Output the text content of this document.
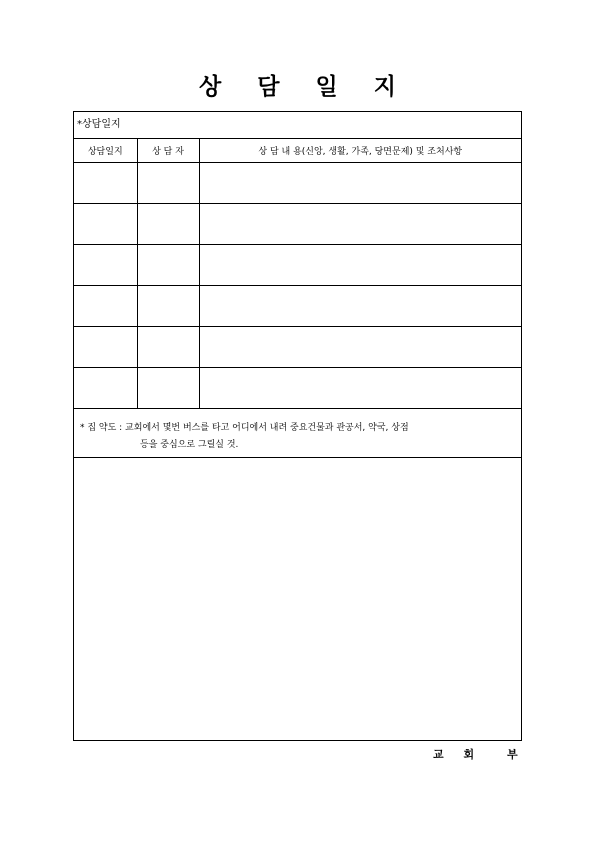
상 담 일 지
*상담일지
상담일지	상 담 자	상 담 내 용(신앙, 생활, 가족, 당면문제) 및 조처사항

* 집 약도 : 교회에서 몇번 버스를 타고 어디에서 내려 중요건물과 관공서, 약국, 상점
등을 중심으로 그릴실 것.
교 회 부
